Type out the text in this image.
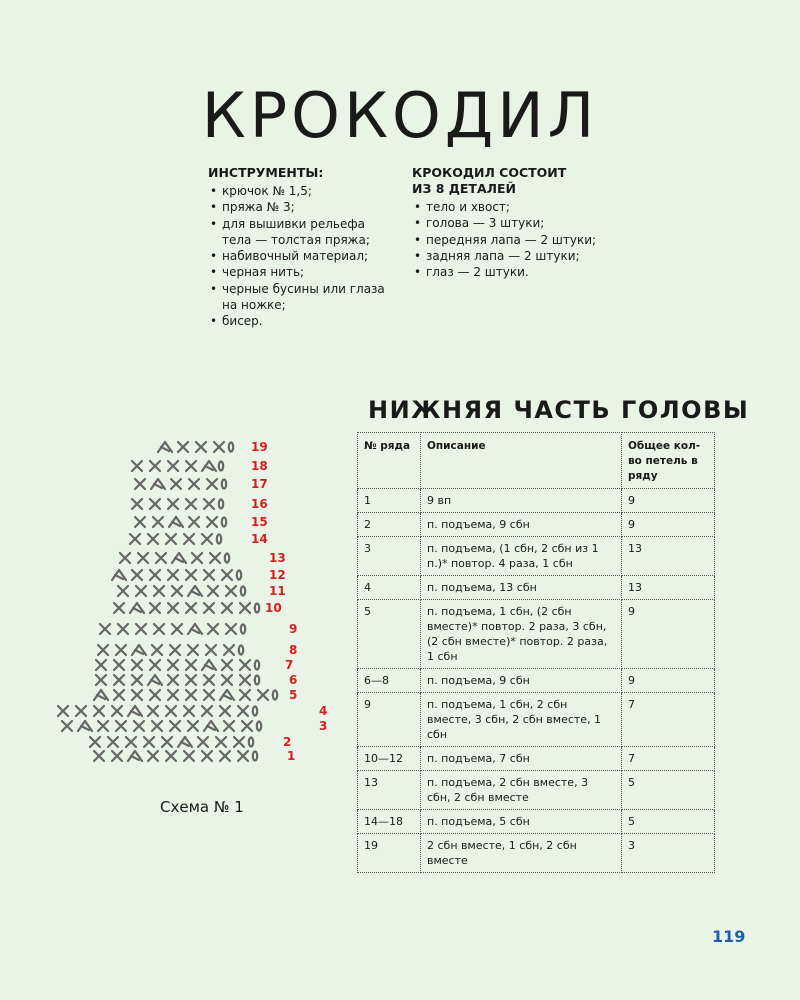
КРОКОДИЛ
ИНСТРУМЕНТЫ:
• крючок № 1,5;
• пряжа № 3;
• для вышивки рельефа тела — толстая пряжа;
• набивочный материал;
• черная нить;
• черные бусины или глаза на ножке;
• бисер.
КРОКОДИЛ СОСТОИТ
ИЗ 8 ДЕТАЛЕЙ
• тело и хвост;
• голова — 3 штуки;
• передняя лапа — 2 штуки;
• задняя лапа — 2 штуки;
• глаз — 2 штуки.
НИЖНЯЯ ЧАСТЬ ГОЛОВЫ
19
18
17
16
15
14
13
12
11
10
9
8
7
6
5
4
3
2
1

Схема № 1

№ ряда	Описание	Общее кол-во петель в ряду
1	9 вп	9
2	п. подъема, 9 сбн	9
3	п. подъема, (1 сбн, 2 сбн из 1 п.)* повтор. 4 раза, 1 сбн	13
4	п. подъема, 13 сбн	13
5	п. подъема, 1 сбн, (2 сбн вместе)* повтор. 2 раза, 3 сбн, (2 сбн вместе)* повтор. 2 раза, 1 сбн	9
6—8	п. подъема, 9 сбн	9
9	п. подъема, 1 сбн, 2 сбн вместе, 3 сбн, 2 сбн вместе, 1 сбн	7
10—12	п. подъема, 7 сбн	7
13	п. подъема, 2 сбн вместе, 3 сбн, 2 сбн вместе	5
14—18	п. подъема, 5 сбн	5
19	2 сбн вместе, 1 сбн, 2 сбн вместе	3

119
